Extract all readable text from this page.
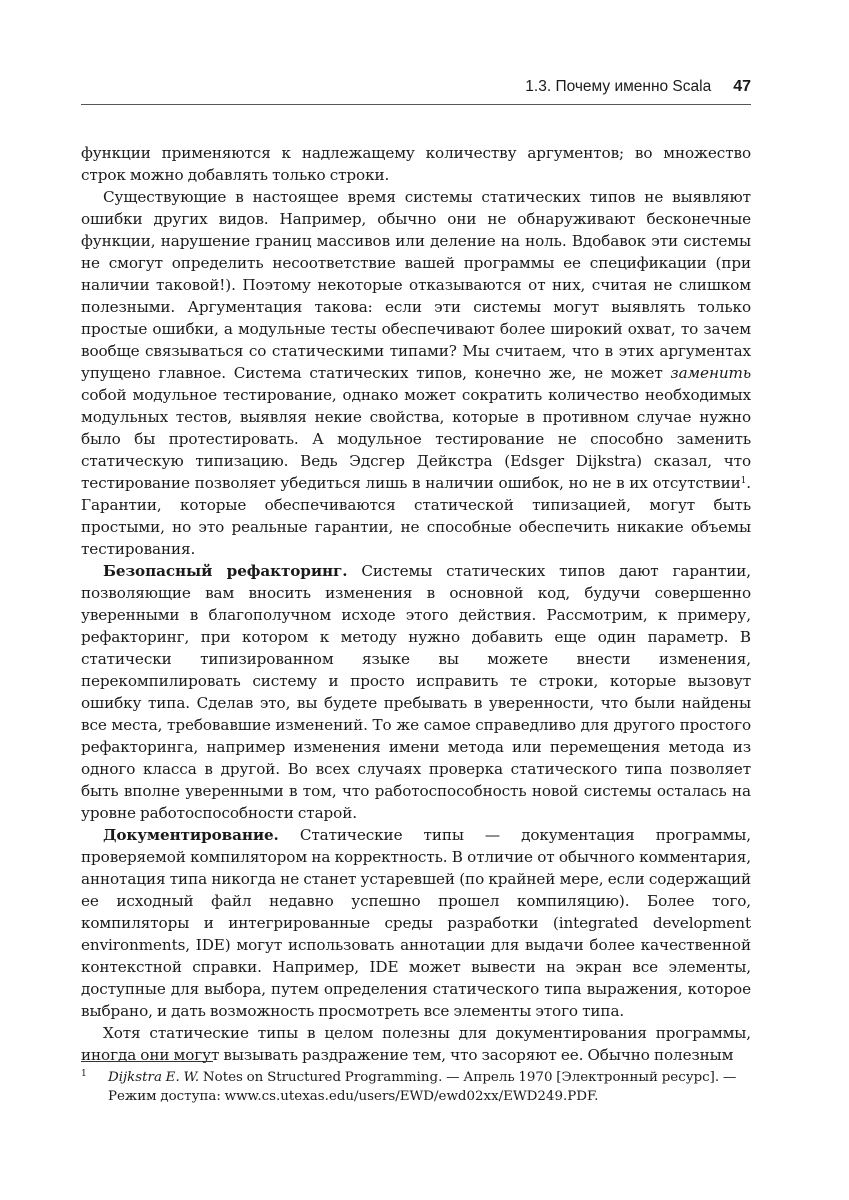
1.3. Почему именно Scala 47

функции применяются к надлежащему количеству аргументов; во множество строк можно добавлять только строки.

Существующие в настоящее время системы статических типов не выявляют ошибки других видов. Например, обычно они не обнаруживают бесконечные функции, нарушение границ массивов или деление на ноль. Вдобавок эти системы не смогут определить несоответствие вашей программы ее спецификации (при наличии таковой!). Поэтому некоторые отказываются от них, считая не слишком полезными. Аргументация такова: если эти системы могут выявлять только простые ошибки, а модульные тесты обеспечивают более широкий охват, то зачем вообще связываться со статическими типами? Мы считаем, что в этих аргументах упущено главное. Система статических типов, конечно же, не может заменить собой модульное тестирование, однако может сократить количество необходимых модульных тестов, выявляя некие свойства, которые в противном случае нужно было бы протестировать. А модульное тестирование не способно заменить статическую типизацию. Ведь Эдсгер Дейкстра (Edsger Dijkstra) сказал, что тестирование позволяет убедиться лишь в наличии ошибок, но не в их отсутствии$^1$. Гарантии, которые обеспечиваются статической типизацией, могут быть простыми, но это реальные гарантии, не способные обеспечить никакие объемы тестирования.

Безопасный рефакторинг. Системы статических типов дают гарантии, позволяющие вам вносить изменения в основной код, будучи совершенно уверенными в благополучном исходе этого действия. Рассмотрим, к примеру, рефакторинг, при котором к методу нужно добавить еще один параметр. В статически типизированном языке вы можете внести изменения, перекомпилировать систему и просто исправить те строки, которые вызовут ошибку типа. Сделав это, вы будете пребывать в уверенности, что были найдены все места, требовавшие изменений. То же самое справедливо для другого простого рефакторинга, например изменения имени метода или перемещения метода из одного класса в другой. Во всех случаях проверка статического типа позволяет быть вполне уверенными в том, что работоспособность новой системы осталась на уровне работоспособности старой.

Документирование. Статические типы — документация программы, проверяемой компилятором на корректность. В отличие от обычного комментария, аннотация типа никогда не станет устаревшей (по крайней мере, если содержащий ее исходный файл недавно успешно прошел компиляцию). Более того, компиляторы и интегрированные среды разработки (integrated development environments, IDE) могут использовать аннотации для выдачи более качественной контекстной справки. Например, IDE может вывести на экран все элементы, доступные для выбора, путем определения статического типа выражения, которое выбрано, и дать возможность просмотреть все элементы этого типа.

Хотя статические типы в целом полезны для документирования программы, иногда они могут вызывать раздражение тем, что засоряют ее. Обычно полезным

1 Dijkstra E. W. Notes on Structured Programming. — Апрель 1970 [Электронный ресурс]. — Режим доступа: www.cs.utexas.edu/users/EWD/ewd02xx/EWD249.PDF.
